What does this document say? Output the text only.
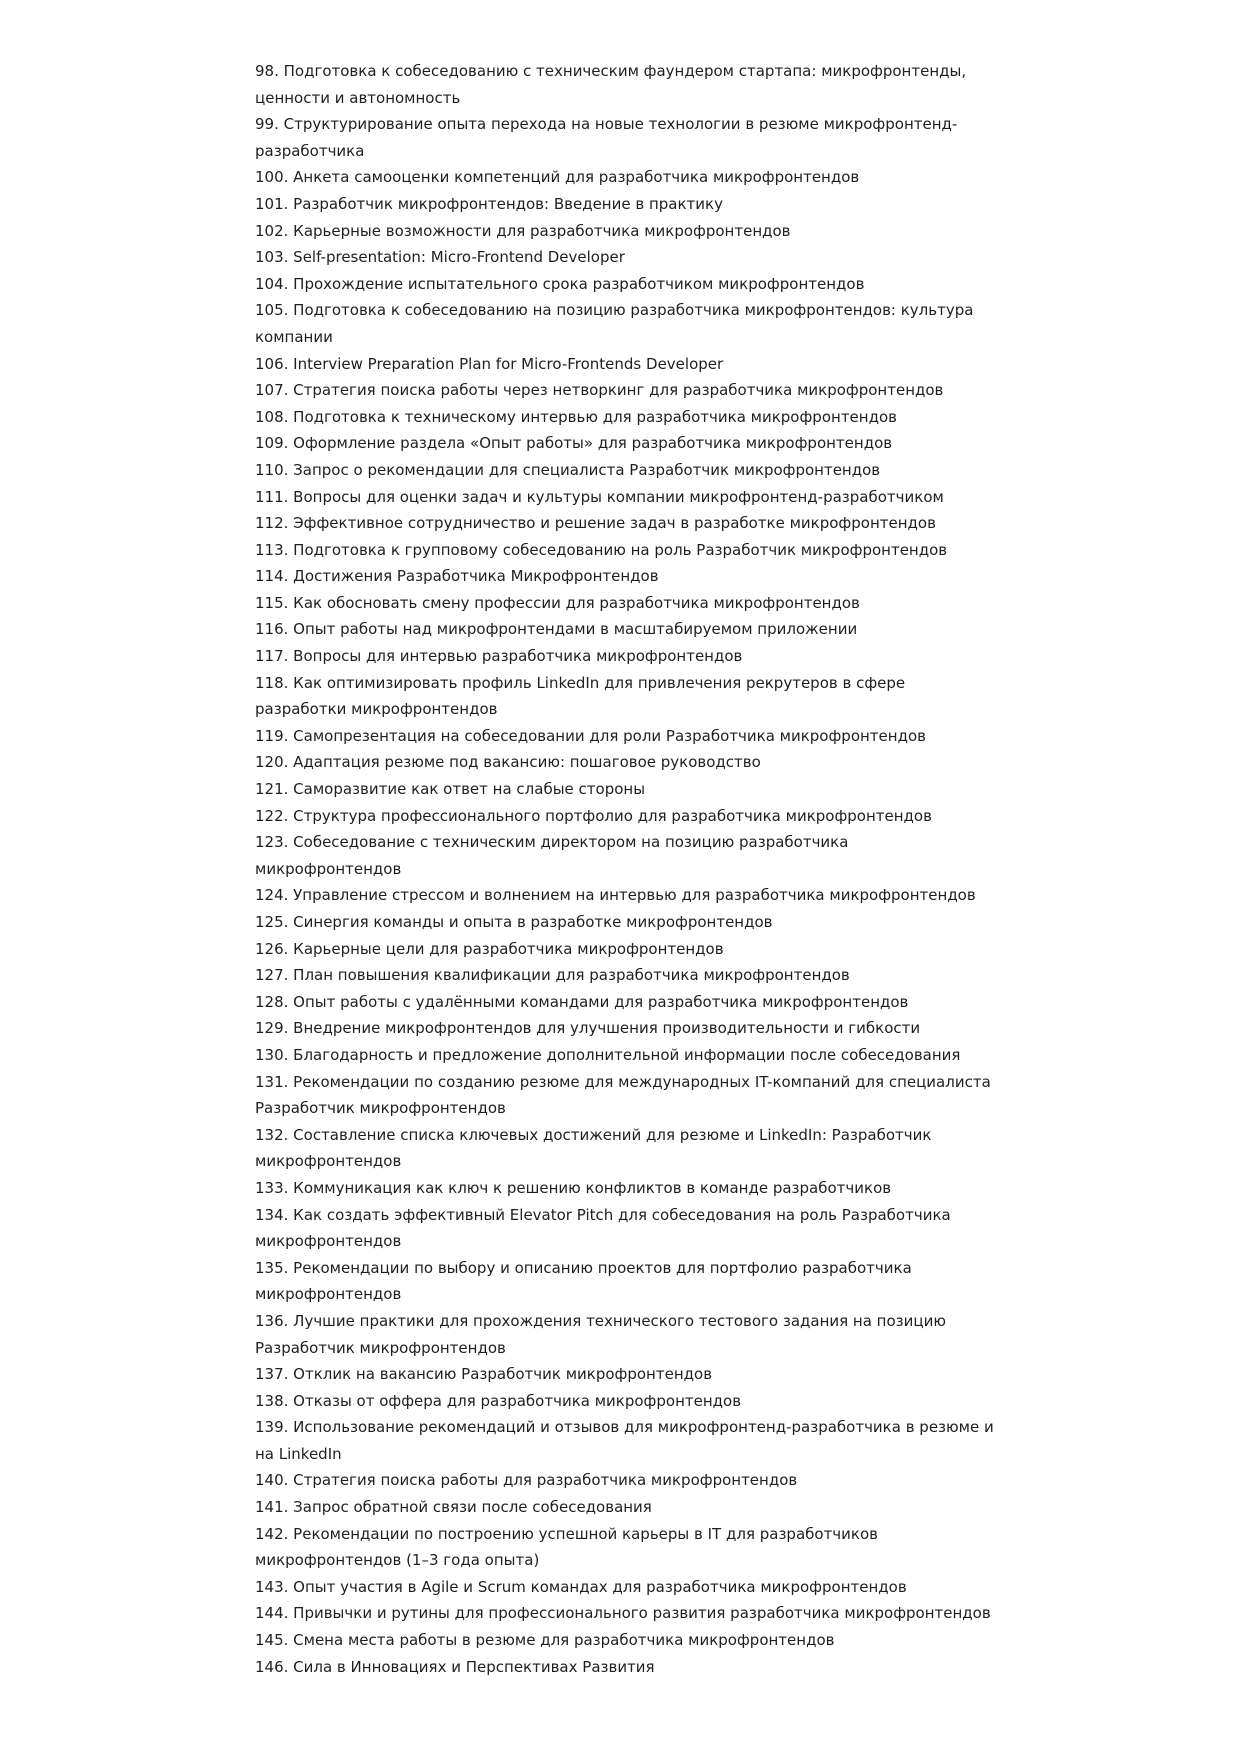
98. Подготовка к собеседованию с техническим фаундером стартапа: микрофронтенды, ценности и автономность

99. Структурирование опыта перехода на новые технологии в резюме микрофронтенд-разработчика

100. Анкета самооценки компетенций для разработчика микрофронтендов

101. Разработчик микрофронтендов: Введение в практику

102. Карьерные возможности для разработчика микрофронтендов

103. Self-presentation: Micro-Frontend Developer

104. Прохождение испытательного срока разработчиком микрофронтендов

105. Подготовка к собеседованию на позицию разработчика микрофронтендов: культура компании

106. Interview Preparation Plan for Micro-Frontends Developer

107. Стратегия поиска работы через нетворкинг для разработчика микрофронтендов

108. Подготовка к техническому интервью для разработчика микрофронтендов

109. Оформление раздела «Опыт работы» для разработчика микрофронтендов

110. Запрос о рекомендации для специалиста Разработчик микрофронтендов

111. Вопросы для оценки задач и культуры компании микрофронтенд-разработчиком

112. Эффективное сотрудничество и решение задач в разработке микрофронтендов

113. Подготовка к групповому собеседованию на роль Разработчик микрофронтендов

114. Достижения Разработчика Микрофронтендов

115. Как обосновать смену профессии для разработчика микрофронтендов

116. Опыт работы над микрофронтендами в масштабируемом приложении

117. Вопросы для интервью разработчика микрофронтендов

118. Как оптимизировать профиль LinkedIn для привлечения рекрутеров в сфере разработки микрофронтендов

119. Самопрезентация на собеседовании для роли Разработчика микрофронтендов

120. Адаптация резюме под вакансию: пошаговое руководство

121. Саморазвитие как ответ на слабые стороны

122. Структура профессионального портфолио для разработчика микрофронтендов

123. Собеседование с техническим директором на позицию разработчика микрофронтендов

124. Управление стрессом и волнением на интервью для разработчика микрофронтендов

125. Синергия команды и опыта в разработке микрофронтендов

126. Карьерные цели для разработчика микрофронтендов

127. План повышения квалификации для разработчика микрофронтендов

128. Опыт работы с удалёнными командами для разработчика микрофронтендов

129. Внедрение микрофронтендов для улучшения производительности и гибкости

130. Благодарность и предложение дополнительной информации после собеседования

131. Рекомендации по созданию резюме для международных IT-компаний для специалиста Разработчик микрофронтендов

132. Составление списка ключевых достижений для резюме и LinkedIn: Разработчик микрофронтендов

133. Коммуникация как ключ к решению конфликтов в команде разработчиков

134. Как создать эффективный Elevator Pitch для собеседования на роль Разработчика микрофронтендов

135. Рекомендации по выбору и описанию проектов для портфолио разработчика микрофронтендов

136. Лучшие практики для прохождения технического тестового задания на позицию Разработчик микрофронтендов

137. Отклик на вакансию Разработчик микрофронтендов

138. Отказы от оффера для разработчика микрофронтендов

139. Использование рекомендаций и отзывов для микрофронтенд-разработчика в резюме и на LinkedIn

140. Стратегия поиска работы для разработчика микрофронтендов

141. Запрос обратной связи после собеседования

142. Рекомендации по построению успешной карьеры в IT для разработчиков микрофронтендов (1–3 года опыта)

143. Опыт участия в Agile и Scrum командах для разработчика микрофронтендов

144. Привычки и рутины для профессионального развития разработчика микрофронтендов

145. Смена места работы в резюме для разработчика микрофронтендов

146. Сила в Инновациях и Перспективах Развития
